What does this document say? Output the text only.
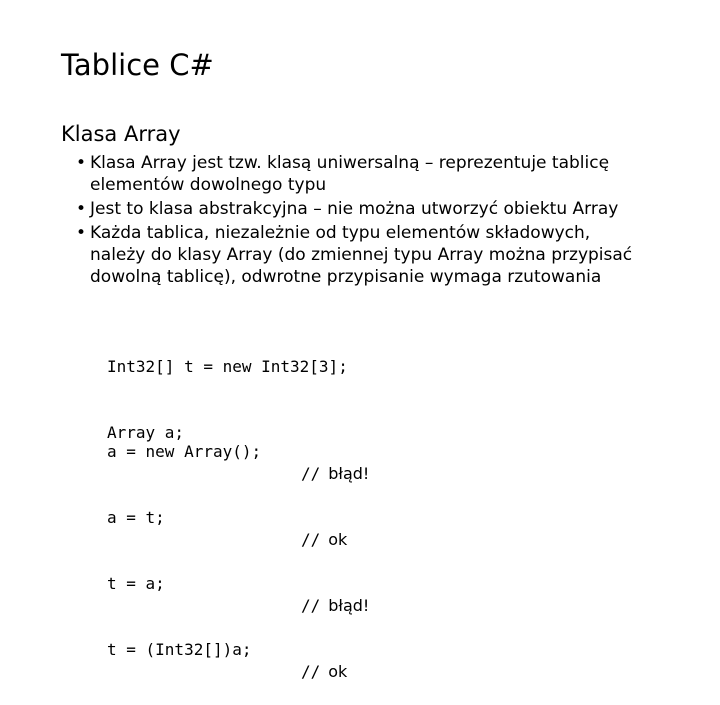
Tablice C#
Klasa Array
• Klasa Array jest tzw. klasą uniwersalną – reprezentuje tablicę
elementów dowolnego typu
• Jest to klasa abstrakcyjna – nie można utworzyć obiektu Array
• Każda tablica, niezależnie od typu elementów składowych,
należy do klasy Array (do zmiennej typu Array można przypisać
dowolną tablicę), odwrotne przypisanie wymaga rzutowania

Int32[] t = new Int32[3];

Array a;

a = new Array();

// błąd!

a = t;

// ok

t = a;

// błąd!

t = (Int32[])a;

// ok
